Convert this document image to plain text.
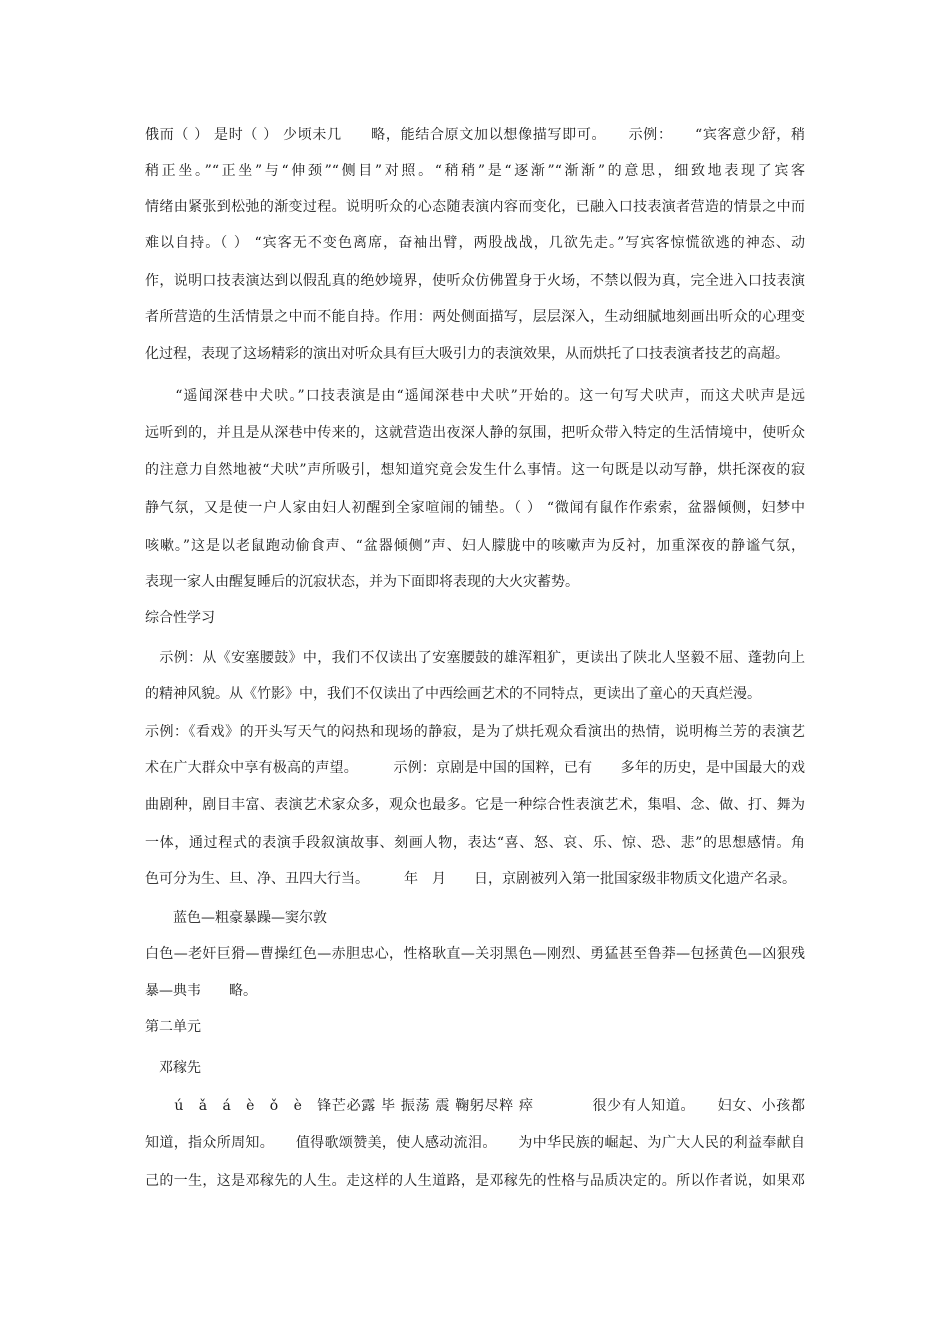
俄而（ ） 是时（ ） 少顷未几　　略，能结合原文加以想像描写即可。　　示例：　　“宾客意少舒，稍
稍正坐。”“正坐”与“伸颈”“侧目”对照。“稍稍”是“逐渐”“渐渐”的意思，细致地表现了宾客
情绪由紧张到松弛的渐变过程。说明听众的心态随表演内容而变化，已融入口技表演者营造的情景之中而
难以自持。（ ） “宾客无不变色离席，奋袖出臂，两股战战，几欲先走。”写宾客惊慌欲逃的神态、动
作，说明口技表演达到以假乱真的绝妙境界，使听众仿佛置身于火场，不禁以假为真，完全进入口技表演
者所营造的生活情景之中而不能自持。作用：两处侧面描写，层层深入，生动细腻地刻画出听众的心理变
化过程，表现了这场精彩的演出对听众具有巨大吸引力的表演效果，从而烘托了口技表演者技艺的高超。
　　“遥闻深巷中犬吠。”口技表演是由“遥闻深巷中犬吠”开始的。这一句写犬吠声，而这犬吠声是远
远听到的，并且是从深巷中传来的，这就营造出夜深人静的氛围，把听众带入特定的生活情境中，使听众
的注意力自然地被“犬吠”声所吸引，想知道究竟会发生什么事情。这一句既是以动写静，烘托深夜的寂
静气氛，又是使一户人家由妇人初醒到全家喧闹的铺垫。（ ） “微闻有鼠作作索索，盆器倾侧，妇梦中
咳嗽。”这是以老鼠跑动偷食声、“盆器倾侧”声、妇人朦胧中的咳嗽声为反衬，加重深夜的静谧气氛，
表现一家人由醒复睡后的沉寂状态，并为下面即将表现的大火灾蓄势。
综合性学习
　示例：从《安塞腰鼓》中，我们不仅读出了安塞腰鼓的雄浑粗犷，更读出了陕北人坚毅不屈、蓬勃向上
的精神风貌。从《竹影》中，我们不仅读出了中西绘画艺术的不同特点，更读出了童心的天真烂漫。
示例：《看戏》的开头写天气的闷热和现场的静寂，是为了烘托观众看演出的热情，说明梅兰芳的表演艺
术在广大群众中享有极高的声望。　　　示例：京剧是中国的国粹，已有　　多年的历史，是中国最大的戏
曲剧种，剧目丰富、表演艺术家众多，观众也最多。它是一种综合性表演艺术，集唱、念、做、打、舞为
一体，通过程式的表演手段叙演故事、刻画人物，表达“喜、怒、哀、乐、惊、恐、悲”的思想感情。角
色可分为生、旦、净、丑四大行当。　　　年　月　　日，京剧被列入第一批国家级非物质文化遗产名录。
　　蓝色—粗豪暴躁—窦尔敦
白色—老奸巨猾—曹操红色—赤胆忠心，性格耿直—关羽黑色—刚烈、勇猛甚至鲁莽—包拯黄色—凶狠残
暴—典韦　　略。
第二单元
　邓稼先
　　ú　ǎ　á　è　ǒ　è　锋芒必露 毕 振荡 震 鞠躬尽粹 瘁　　　　很少有人知道。　　妇女、小孩都
知道，指众所周知。　　值得歌颂赞美，使人感动流泪。　　为中华民族的崛起、为广大人民的利益奉献自
己的一生，这是邓稼先的人生。走这样的人生道路，是邓稼先的性格与品质决定的。所以作者说，如果邓
